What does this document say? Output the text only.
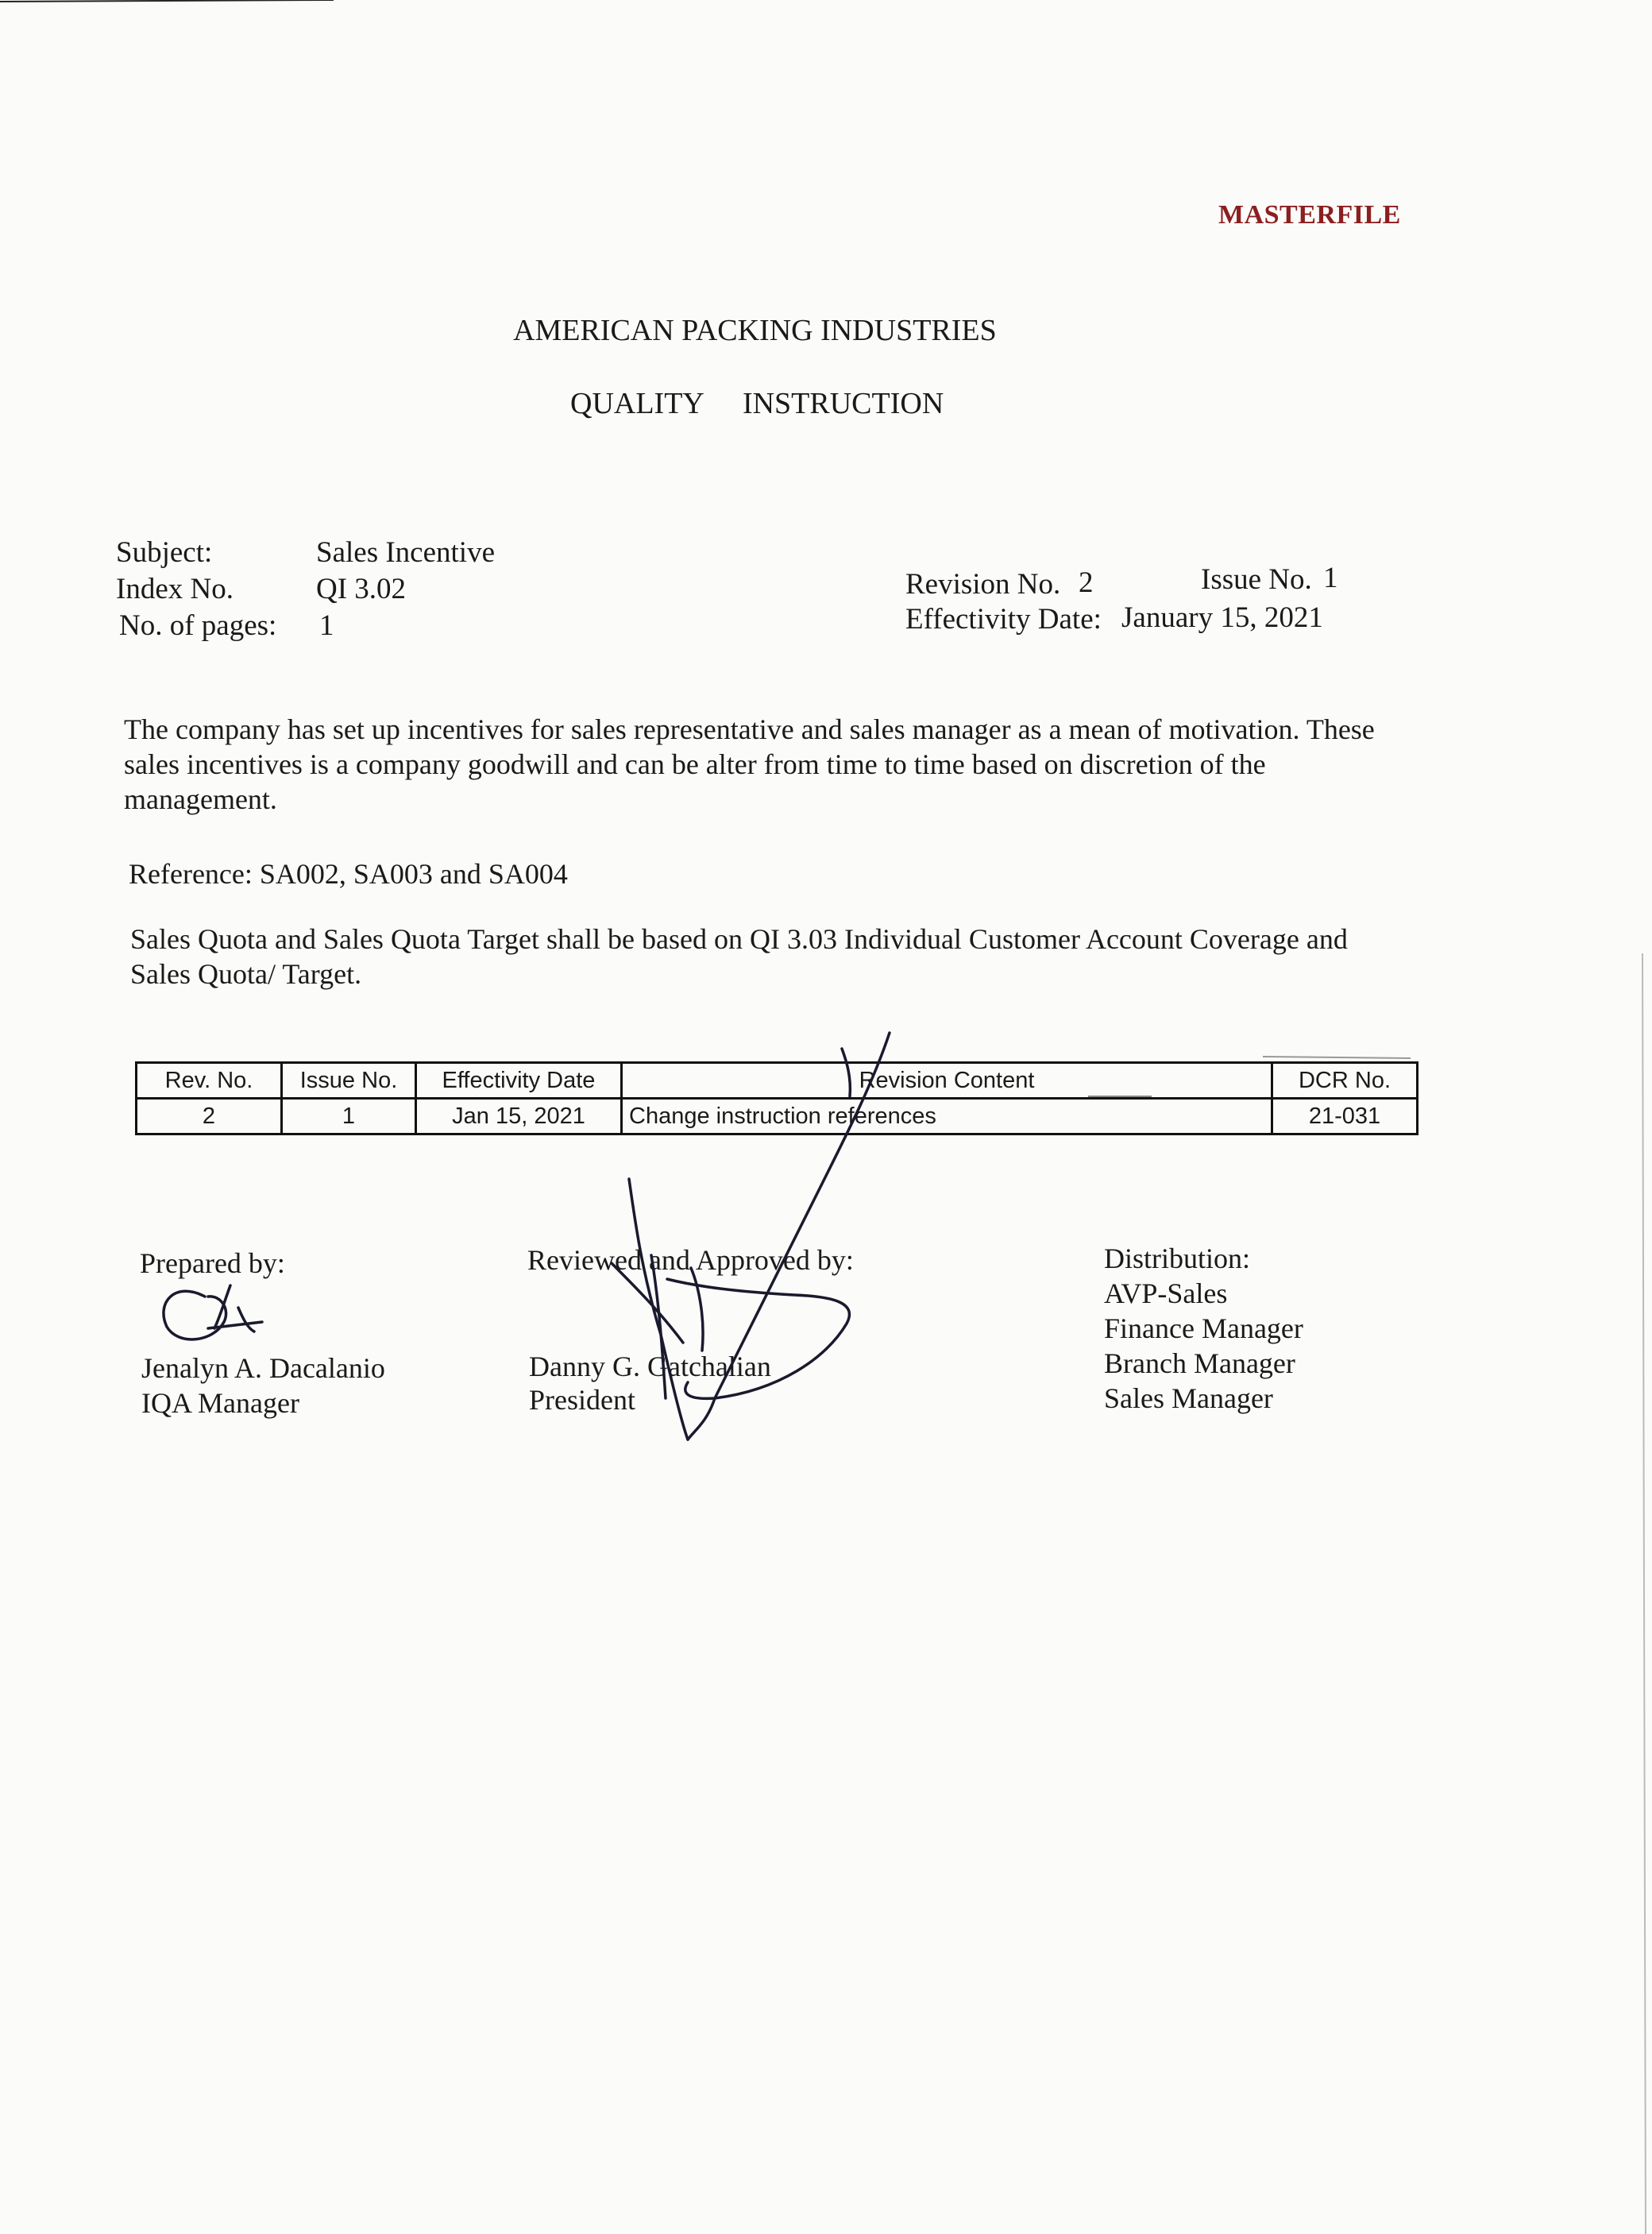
MASTERFILE
AMERICAN PACKING INDUSTRIES
QUALITY INSTRUCTION
Subject:	Sales Incentive
Index No.	QI 3.02
No. of pages: 1
Revision No. 2	Issue No. 1
Effectivity Date: January 15, 2021
The company has set up incentives for sales representative and sales manager as a mean of motivation. These sales incentives is a company goodwill and can be alter from time to time based on discretion of the management.
Reference: SA002, SA003 and SA004
Sales Quota and Sales Quota Target shall be based on QI 3.03 Individual Customer Account Coverage and Sales Quota/ Target.
Rev. No.	Issue No.	Effectivity Date	Revision Content	DCR No.
2	1	Jan 15, 2021	Change instruction references	21-031
Prepared by:
Jenalyn A. Dacalanio
IQA Manager
Reviewed and Approved by:
Danny G. Gatchalian
President
Distribution:
AVP-Sales
Finance Manager
Branch Manager
Sales Manager
